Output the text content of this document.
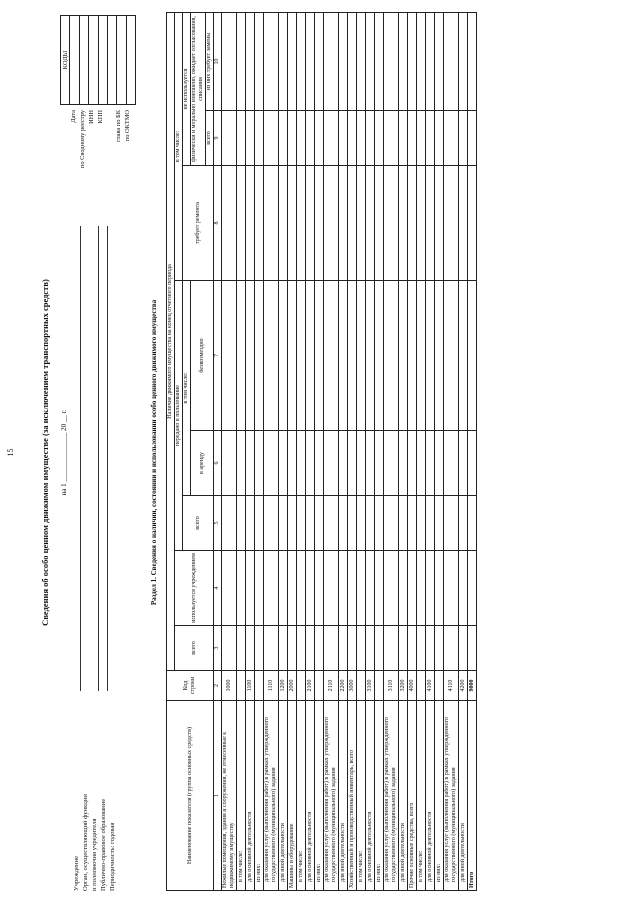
15	Сведения об особо ценном движимом имуществе (за исключением транспортных средств) на 1 ______________ 20 __ г.
Учреждение Орган, осуществляющий функции и полномочия учредителя Публично-правовое образование Периодичность: годовая

Дата по Сводному реестру ИНН КПП
глава по БК по ОКТМО
КОДЫ

Раздел 1. Сведения о наличии, состоянии и использовании особо ценного движимого имущества
Наименование показателя (группа основных средств)	Код строки	Наличие движимого имущества на конец отчетного периода							
		всего	используется учреждением	передано в пользование			в том числе:		
				всего	в том числе:		требует ремонта	не используется	
					в аренду	безвозмездно		физически и морально изношено, ожидает согласования, списания	
								всего	из них требует замены
1	2	3	4	5	6	7	8	9	10
Нежилые помещения, здания и сооружения, не отнесенные к недвижимому имуществу	1000								
в том числе:									
для основной деятельности	1100								
из них:									
для оказания услуг (выполнения работ) в рамках утвержденного государственного (муниципального) задания	1110								
для иной деятельности	1200								
Машины и оборудование	2000								
в том числе:									
для основной деятельности	2100								
из них:									
для оказания услуг (выполнения работ) в рамках утвержденного государственного (муниципального) задания	2110								
для иной деятельности	2200								
Хозяйственный и производственный инвентарь, всего	3000								
в том числе:									
для основной деятельности	3100								
из них:									
для оказания услуг (выполнения работ) в рамках утвержденного государственного (муниципального) задания	3110								
для иной деятельности	3200								
Прочие основные средства, всего	4000								
в том числе:									
для основной деятельности	4100								
из них:									
для оказания услуг (выполнения работ) в рамках утвержденного государственного (муниципального) задания	4110								
для иной деятельности	4200								
Итого	9000								
